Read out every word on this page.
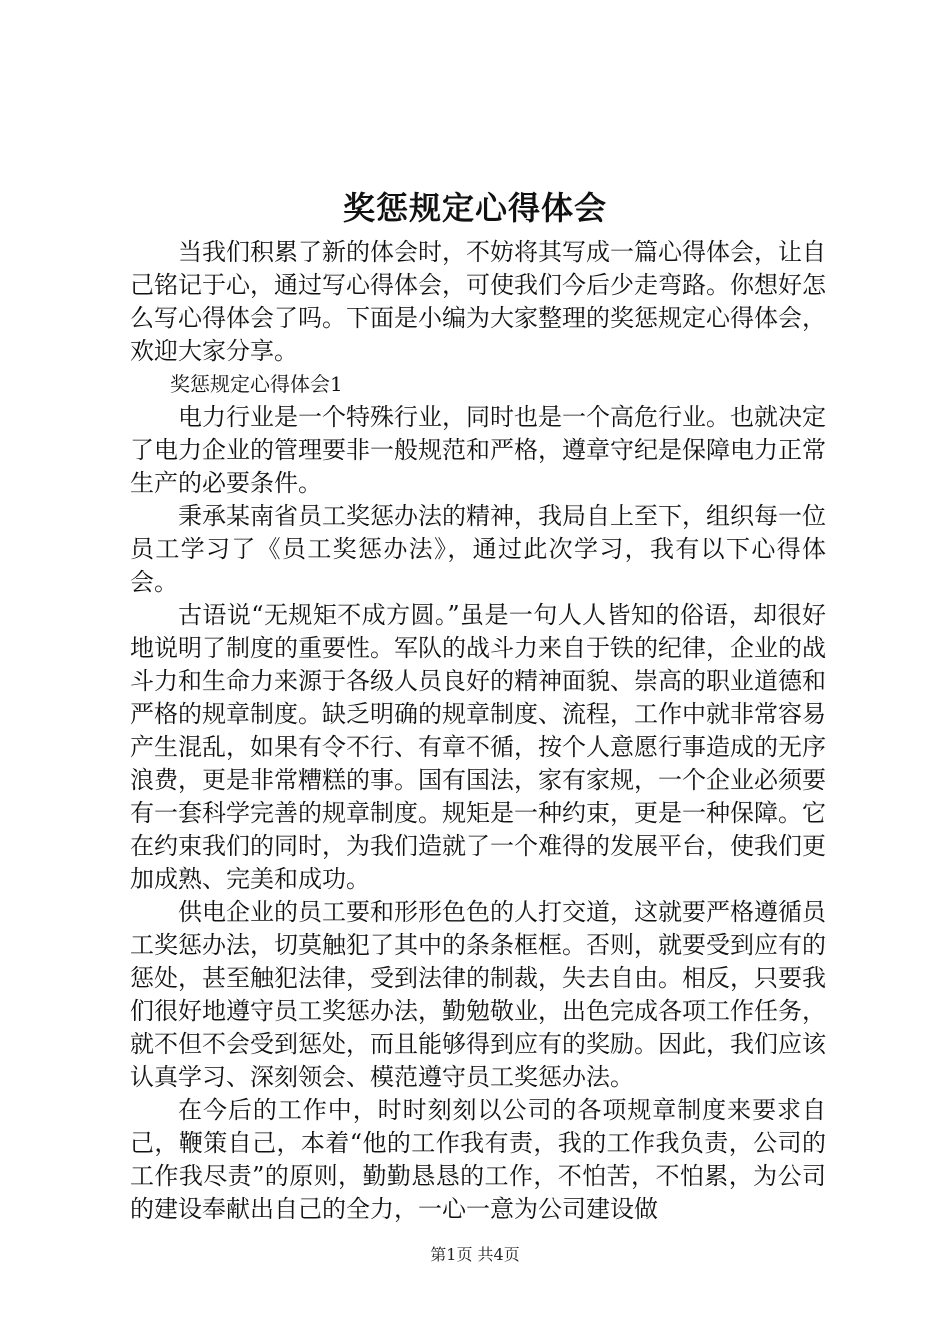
奖惩规定心得体会

当我们积累了新的体会时，不妨将其写成一篇心得体会，让自己铭记于心，通过写心得体会，可使我们今后少走弯路。你想好怎么写心得体会了吗。下面是小编为大家整理的奖惩规定心得体会，欢迎大家分享。

奖惩规定心得体会1

电力行业是一个特殊行业，同时也是一个高危行业。也就决定了电力企业的管理要非一般规范和严格，遵章守纪是保障电力正常生产的必要条件。

秉承某南省员工奖惩办法的精神，我局自上至下，组织每一位员工学习了《员工奖惩办法》，通过此次学习，我有以下心得体会。

古语说“无规矩不成方圆。”虽是一句人人皆知的俗语，却很好地说明了制度的重要性。军队的战斗力来自于铁的纪律，企业的战斗力和生命力来源于各级人员良好的精神面貌、崇高的职业道德和严格的规章制度。缺乏明确的规章制度、流程，工作中就非常容易产生混乱，如果有令不行、有章不循，按个人意愿行事造成的无序浪费，更是非常糟糕的事。国有国法，家有家规，一个企业必须要有一套科学完善的规章制度。规矩是一种约束，更是一种保障。它在约束我们的同时，为我们造就了一个难得的发展平台，使我们更加成熟、完美和成功。

供电企业的员工要和形形色色的人打交道，这就要严格遵循员工奖惩办法，切莫触犯了其中的条条框框。否则，就要受到应有的惩处，甚至触犯法律，受到法律的制裁，失去自由。相反，只要我们很好地遵守员工奖惩办法，勤勉敬业，出色完成各项工作任务，就不但不会受到惩处，而且能够得到应有的奖励。因此，我们应该认真学习、深刻领会、模范遵守员工奖惩办法。

在今后的工作中，时时刻刻以公司的各项规章制度来要求自己，鞭策自己，本着“他的工作我有责，我的工作我负责，公司的工作我尽责”的原则，勤勤恳恳的工作，不怕苦，不怕累，为公司的建设奉献出自己的全力，一心一意为公司建设做

第1页 共4页
